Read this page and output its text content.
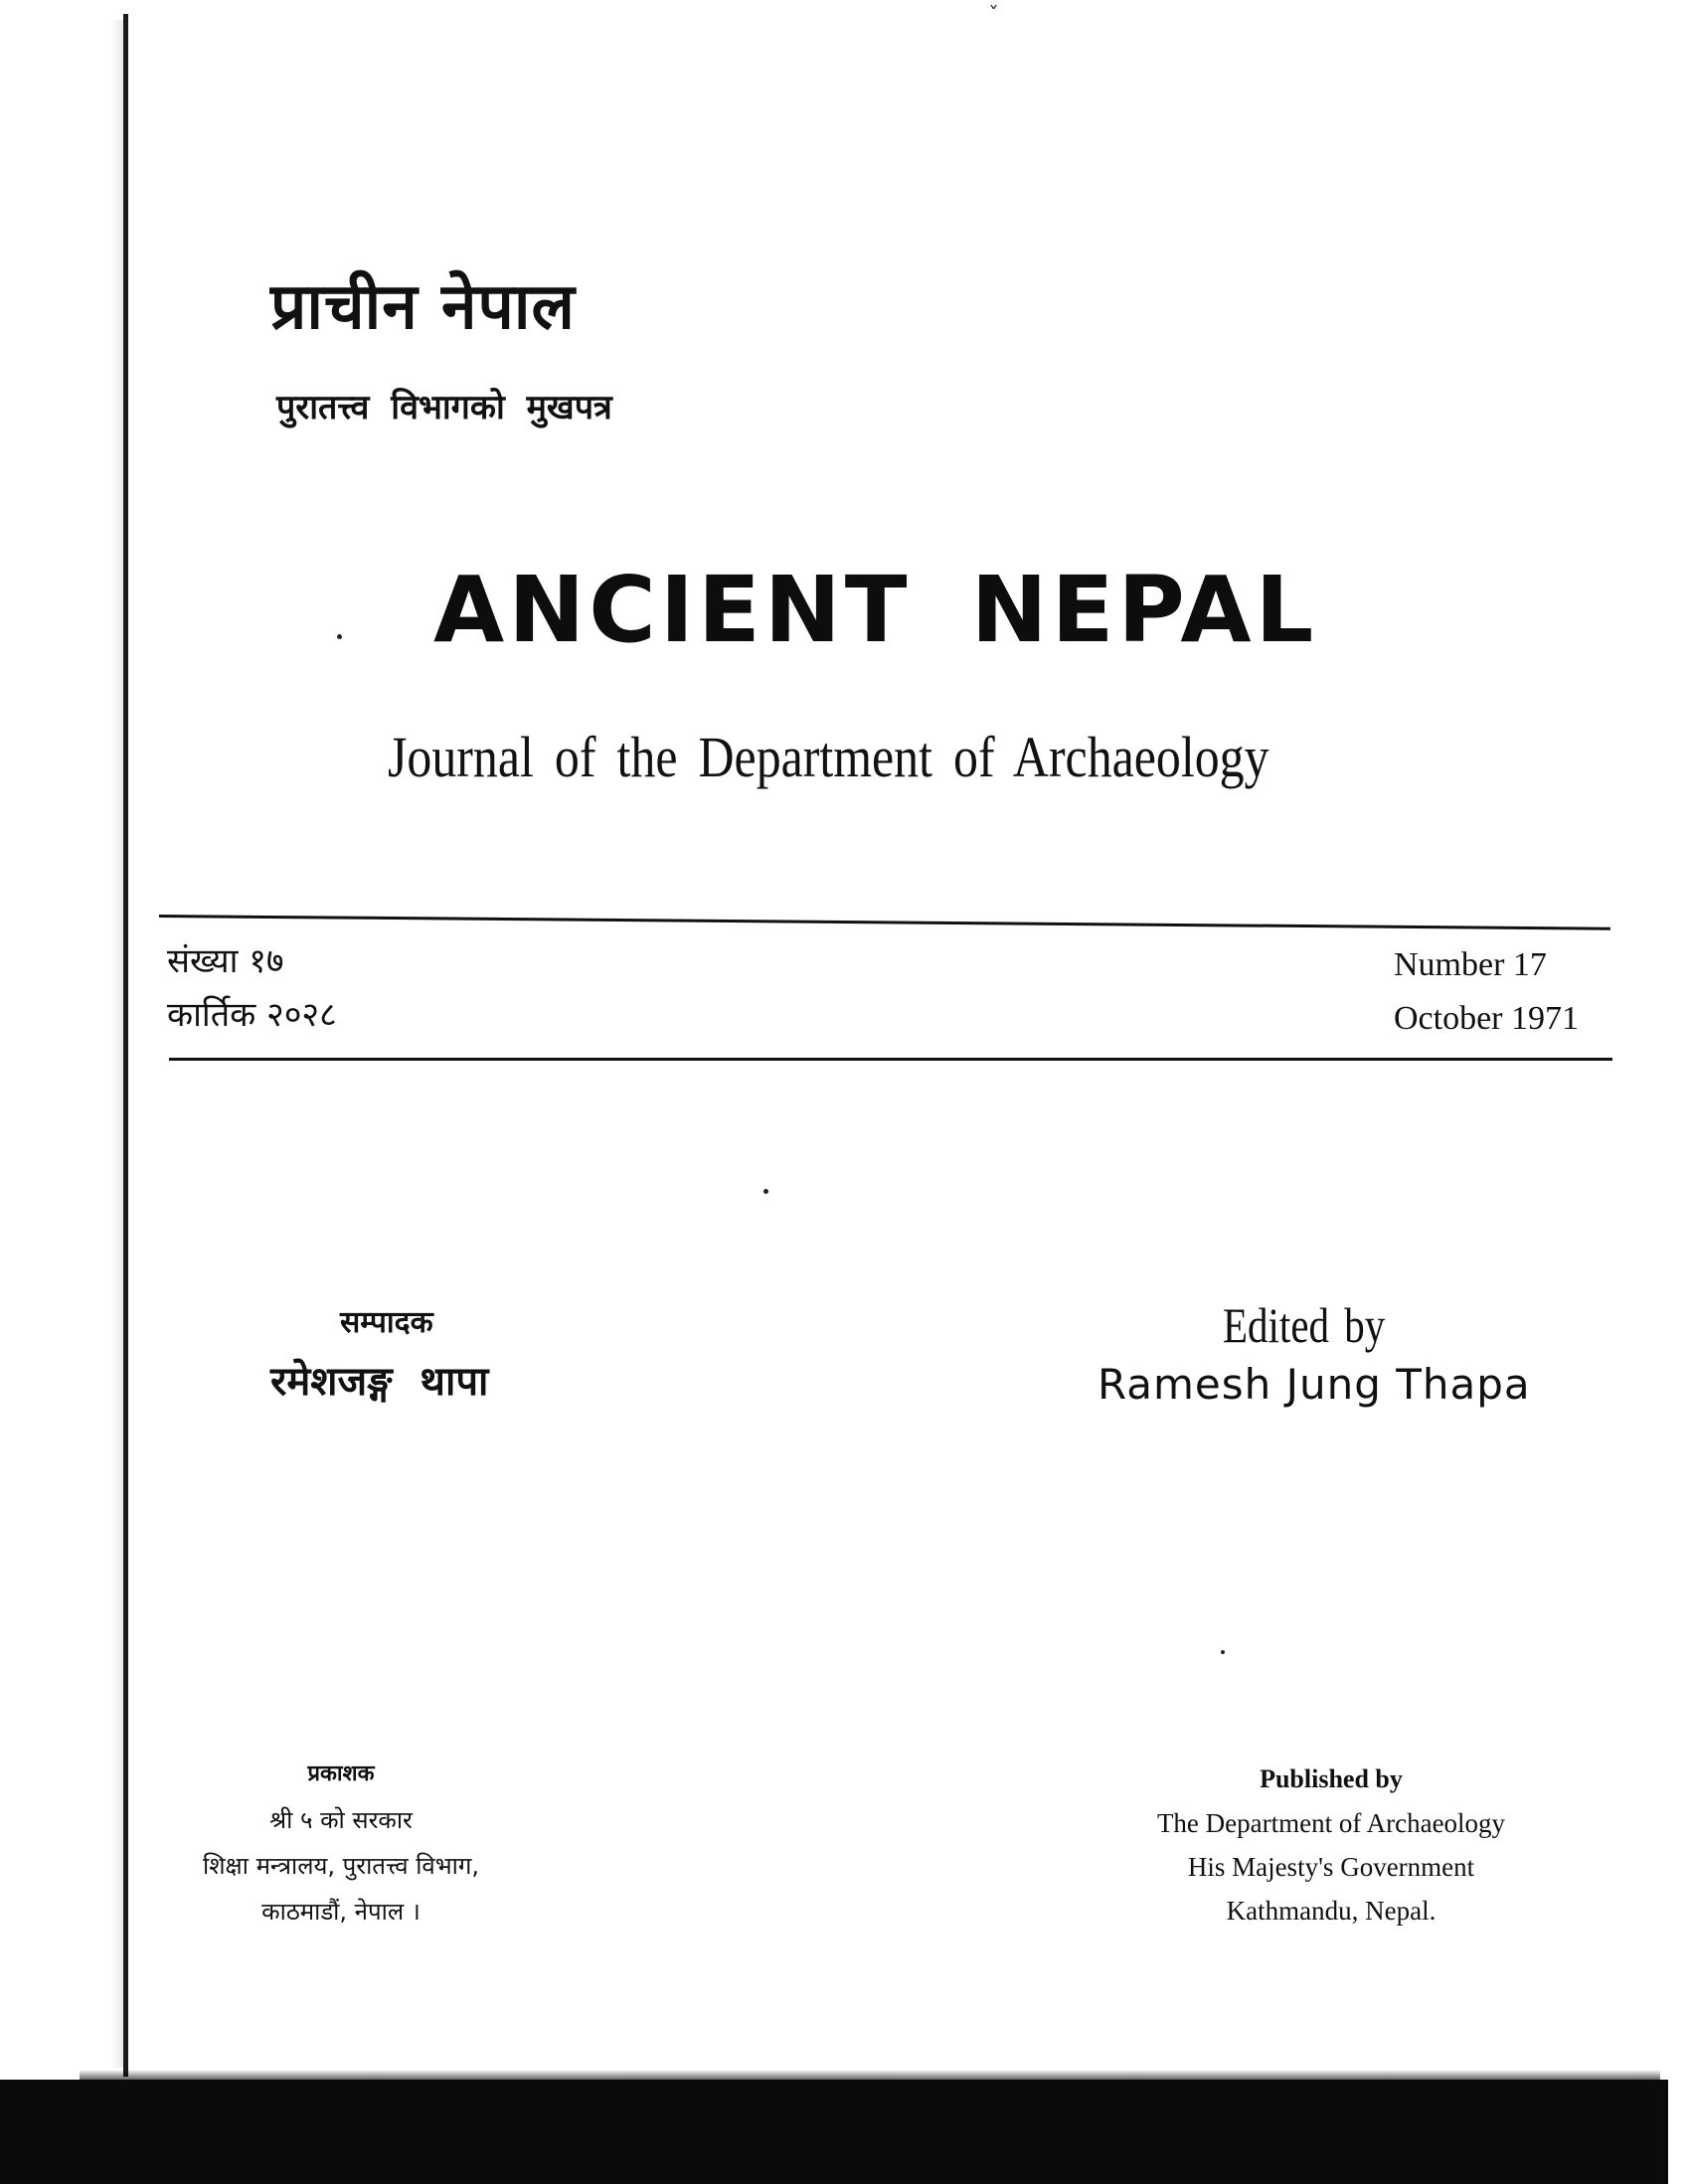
ˇ
प्राचीन नेपाल
पुरातत्त्व विभागको मुखपत्र
ANCIENT NEPAL
Journal of the Department of Archaeology
संख्या १७
कार्तिक २०२८
Number 17
October 1971
सम्पादक
रमेशजङ्ग थापा
Edited by
Ramesh Jung Thapa
प्रकाशक
श्री ५ को सरकार
शिक्षा मन्त्रालय, पुरातत्त्व विभाग,
काठमाडौं, नेपाल ।
Published by
The Department of Archaeology
His Majesty's Government
Kathmandu, Nepal.
